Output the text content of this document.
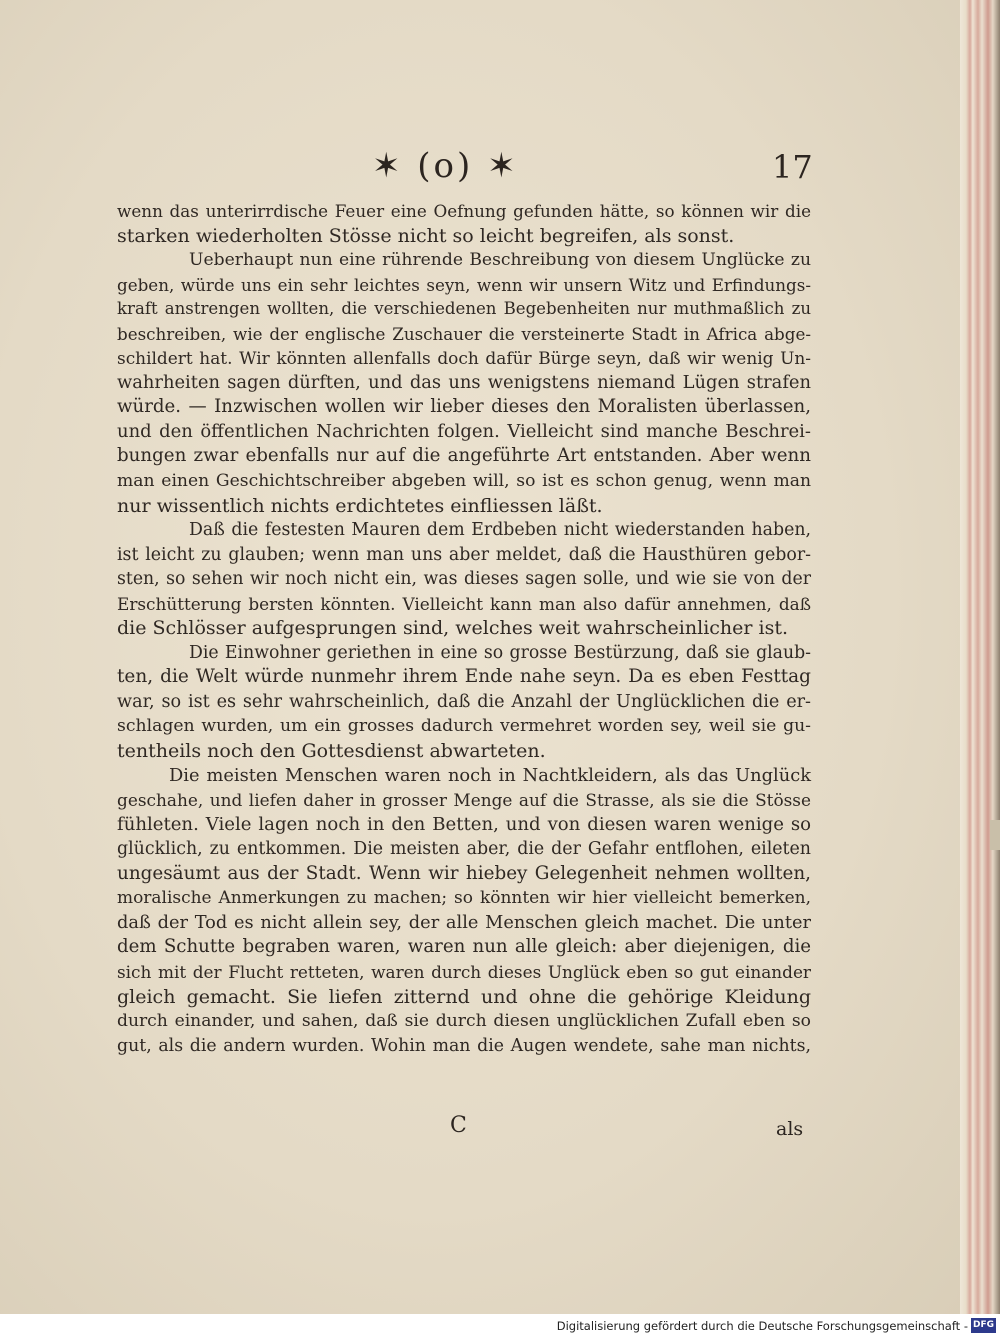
✶ (o) ✶	17
wenn das unterirrdische Feuer eine Oefnung gefunden hätte, so können wir die
starken wiederholten Stösse nicht so leicht begreifen, als sonst.
Ueberhaupt nun eine rührende Beschreibung von diesem Unglücke zu
geben, würde uns ein sehr leichtes seyn, wenn wir unsern Witz und Erfindungs-
kraft anstrengen wollten, die verschiedenen Begebenheiten nur muthmaßlich zu
beschreiben, wie der englische Zuschauer die versteinerte Stadt in Africa abge-
schildert hat. Wir könnten allenfalls doch dafür Bürge seyn, daß wir wenig Un-
wahrheiten sagen dürften, und das uns wenigstens niemand Lügen strafen
würde. — Inzwischen wollen wir lieber dieses den Moralisten überlassen,
und den öffentlichen Nachrichten folgen. Vielleicht sind manche Beschrei-
bungen zwar ebenfalls nur auf die angeführte Art entstanden. Aber wenn
man einen Geschichtschreiber abgeben will, so ist es schon genug, wenn man
nur wissentlich nichts erdichtetes einfliessen läßt.
Daß die festesten Mauren dem Erdbeben nicht wiederstanden haben,
ist leicht zu glauben; wenn man uns aber meldet, daß die Hausthüren gebor-
sten, so sehen wir noch nicht ein, was dieses sagen solle, und wie sie von der
Erschütterung bersten könnten. Vielleicht kann man also dafür annehmen, daß
die Schlösser aufgesprungen sind, welches weit wahrscheinlicher ist.
Die Einwohner geriethen in eine so grosse Bestürzung, daß sie glaub-
ten, die Welt würde nunmehr ihrem Ende nahe seyn. Da es eben Festtag
war, so ist es sehr wahrscheinlich, daß die Anzahl der Unglücklichen die er-
schlagen wurden, um ein grosses dadurch vermehret worden sey, weil sie gu-
tentheils noch den Gottesdienst abwarteten.
Die meisten Menschen waren noch in Nachtkleidern, als das Unglück
geschahe, und liefen daher in grosser Menge auf die Strasse, als sie die Stösse
fühleten. Viele lagen noch in den Betten, und von diesen waren wenige so
glücklich, zu entkommen. Die meisten aber, die der Gefahr entflohen, eileten
ungesäumt aus der Stadt. Wenn wir hiebey Gelegenheit nehmen wollten,
moralische Anmerkungen zu machen; so könnten wir hier vielleicht bemerken,
daß der Tod es nicht allein sey, der alle Menschen gleich machet. Die unter
dem Schutte begraben waren, waren nun alle gleich: aber diejenigen, die
sich mit der Flucht retteten, waren durch dieses Unglück eben so gut einander
gleich gemacht. Sie liefen zitternd und ohne die gehörige Kleidung
durch einander, und sahen, daß sie durch diesen unglücklichen Zufall eben so
gut, als die andern wurden. Wohin man die Augen wendete, sahe man nichts,
C	als
Digitalisierung gefördert durch die Deutsche Forschungsgemeinschaft - DFG
